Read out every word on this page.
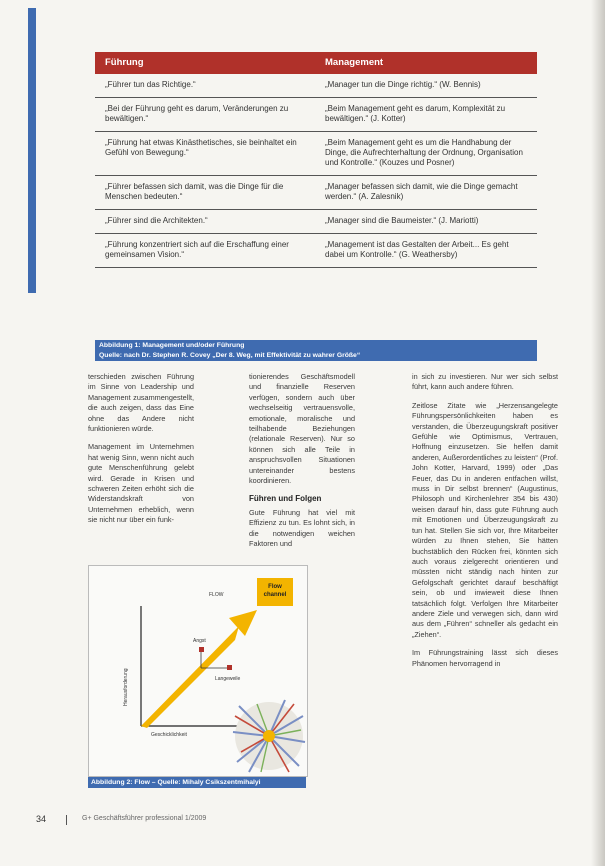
Führung	Management
„Führer tun das Richtige.“	„Manager tun die Dinge richtig.“ (W. Bennis)
„Bei der Führung geht es darum, Veränderungen zu bewältigen.“	„Beim Management geht es darum, Komplexität zu bewältigen.“ (J. Kotter)
„Führung hat etwas Kinästhetisches, sie beinhaltet ein Gefühl von Bewegung.“	„Beim Management geht es um die Handhabung der Dinge, die Aufrechterhaltung der Ordnung, Organisation und Kontrolle.“ (Kouzes und Posner)
„Führer befassen sich damit, was die Dinge für die Menschen bedeuten.“	„Manager befassen sich damit, wie die Dinge gemacht werden.“ (A. Zalesnik)
„Führer sind die Architekten.“	„Manager sind die Baumeister.“ (J. Mariotti)
„Führung konzentriert sich auf die Erschaffung einer gemeinsamen Vision.“	„Management ist das Gestalten der Arbeit... Es geht dabei um Kontrolle.“ (G. Weathersby)
Abbildung 1: Management und/oder Führung
Quelle: nach Dr. Stephen R. Covey „Der 8. Weg, mit Effektivität zu wahrer Größe“

terschieden zwischen Führung im Sinne von Leadership und Management zusammengestellt, die auch zeigen, dass das Eine ohne das Andere nicht funktionieren würde.

Management im Unternehmen hat wenig Sinn, wenn nicht auch gute Menschenführung gelebt wird. Gerade in Krisen und schweren Zeiten erhöht sich die Widerstandskraft von Unternehmen erheblich, wenn sie nicht nur über ein funk-

tionierendes Geschäftsmodell und finanzielle Reserven verfügen, sondern auch über wechselseitig vertrauensvolle, emotionale, moralische und teilhabende Beziehungen (relationale Reserven). Nur so können sich alle Teile in anspruchsvollen Situationen untereinander bestens koordinieren.

Führen und Folgen

Gute Führung hat viel mit Effizienz zu tun. Es lohnt sich, in die notwendigen weichen Faktoren und

in sich zu investieren. Nur wer sich selbst führt, kann auch andere führen.

Zeitlose Zitate wie „Herzensangelegte Führungspersönlichkeiten haben es verstanden, die Überzeugungskraft positiver Gefühle wie Optimismus, Vertrauen, Hoffnung einzusetzen. Sie helfen damit anderen, Außerordentliches zu leisten“ (Prof. John Kotter, Harvard, 1999) oder „Das Feuer, das Du in anderen entfachen willst, muss in Dir selbst brennen“ (Augustinus, Philosoph und Kirchenlehrer 354 bis 430) weisen darauf hin, dass gute Führung auch mit Emotionen und Überzeugungskraft zu tun hat. Stellen Sie sich vor, Ihre Mitarbeiter würden zu Ihnen stehen, Sie hätten buchstäblich den Rücken frei, könnten sich auch voraus zielgerecht orientieren und müssten nicht ständig nach hinten zur Gefolgschaft gerichtet darauf beschäftigt sein, ob und inwieweit diese Ihnen tatsächlich folgt. Verfolgen Ihre Mitarbeiter andere Ziele und verwegen sich, dann wird aus dem „Führen“ schneller als gedacht ein „Ziehen“.

Im Führungstraining lässt sich dieses Phänomen hervorragend in

FLOW
Flow
channel
Angst
Langeweile
Herausforderung
Geschicklichkeit
Abbildung 2: Flow – Quelle: Mihaly Csikszentmihalyi
34	G+ Geschäftsführer professional 1/2009
